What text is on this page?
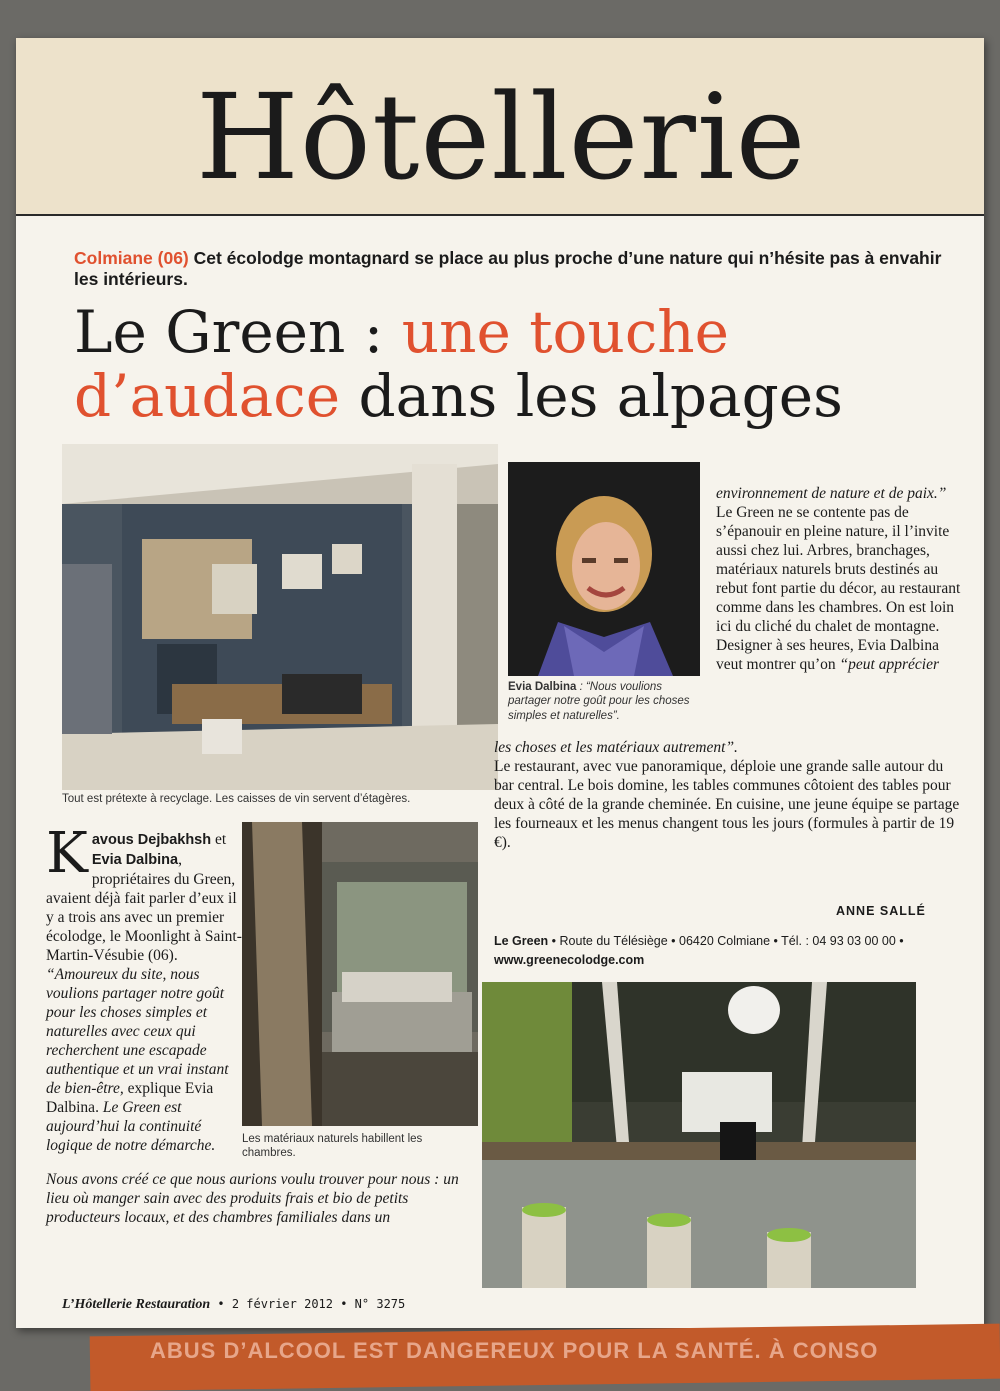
Hôtellerie
Colmiane (06) Cet écolodge montagnard se place au plus proche d’une nature qui n’hésite pas à envahir les intérieurs.
Le Green : une touche
d’audace dans les alpages
Tout est prétexte à recyclage. Les caisses de vin servent d’étagères.
Evia Dalbina : “Nous voulions partager notre goût pour les choses simples et naturelles”.
environnement de nature et de paix.”
Le Green ne se contente pas de s’épanouir en pleine nature, il l’invite aussi chez lui. Arbres, branchages, matériaux naturels bruts destinés au rebut font partie du décor, au restaurant comme dans les chambres. On est loin ici du cliché du chalet de montagne. Designer à ses heures, Evia Dalbina veut montrer qu’on “peut apprécier
les choses et les matériaux autrement”.
Le restaurant, avec vue panoramique, déploie une grande salle autour du bar central. Le bois domine, les tables communes côtoient des tables pour deux à côté de la grande cheminée. En cuisine, une jeune équipe se partage les fourneaux et les menus changent tous les jours (formules à partir de 19 €).
ANNE SALLÉ
Le Green • Route du Télésiège • 06420 Colmiane • Tél. : 04 93 03 00 00 •
www.greenecolodge.com
K avous Dejbakhsh et Evia Dalbina, propriétaires du Green, avaient déjà fait parler d’eux il y a trois ans avec un premier écolodge, le Moonlight à Saint-Martin-Vésubie (06). “Amoureux du site, nous voulions partager notre goût pour les choses simples et naturelles avec ceux qui recherchent une escapade authentique et un vrai instant de bien-être, explique Evia Dalbina. Le Green est aujourd’hui la continuité logique de notre démarche.	Les matériaux naturels habillent les chambres.
Nous avons créé ce que nous aurions voulu trouver pour nous : un lieu où manger sain avec des produits frais et bio de petits producteurs locaux, et des chambres familiales dans un
L’Hôtellerie Restauration • 2 février 2012 • N° 3275
ABUS D’ALCOOL EST DANGEREUX POUR LA SANTÉ. À CONSO
